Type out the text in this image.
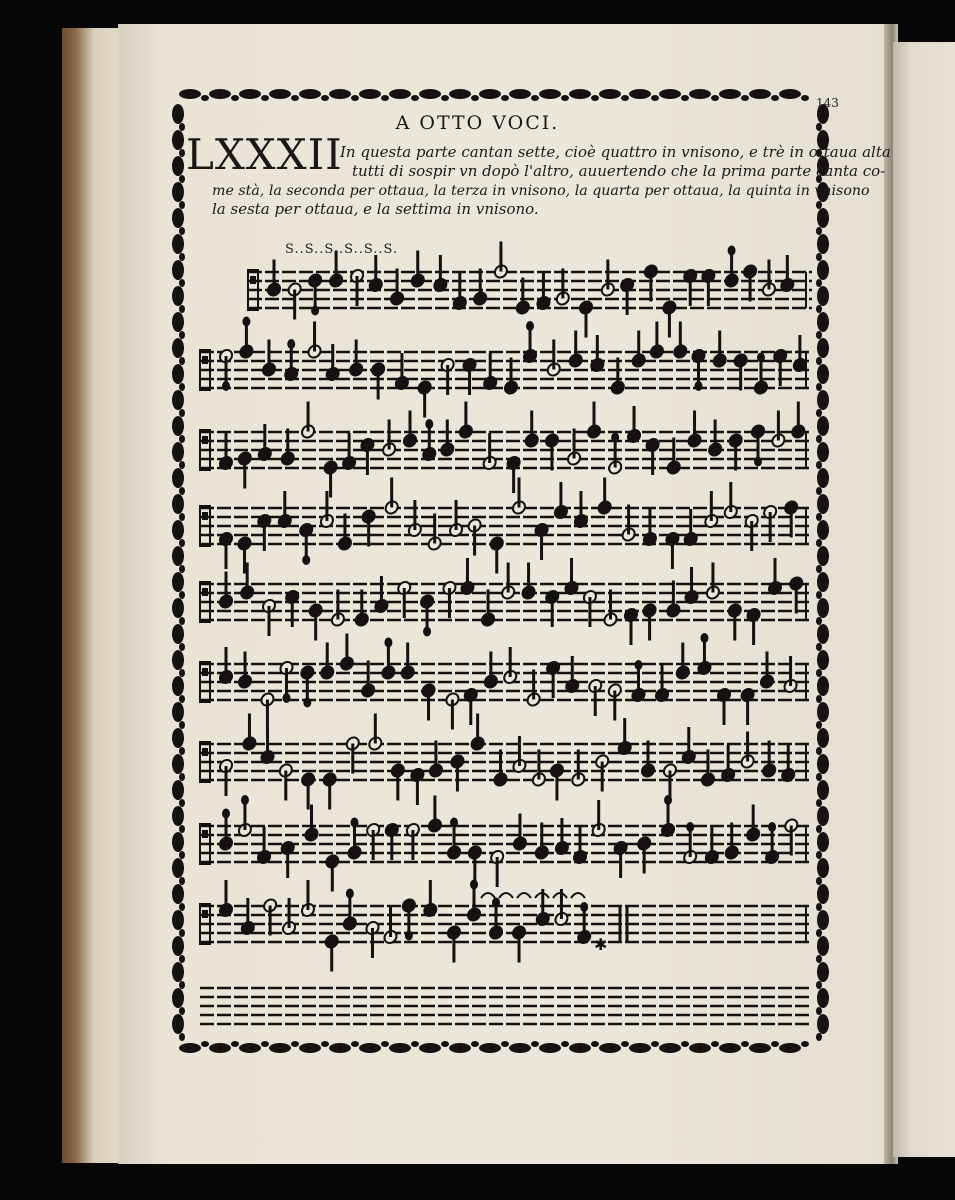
143
A OTTO VOCI.
LXXXII
In questa parte cantan sette, cioè quattro in vnisono, e trè in ottaua alta
tutti di sospir vn dopò l'altro, auuertendo che la prima parte canta co-
me stà, la seconda per ottaua, la terza in vnisono, la quarta per ottaua, la quinta in vnisono
la sesta per ottaua, e la settima in vnisono.
S..S..S..S..S..S.
✱
